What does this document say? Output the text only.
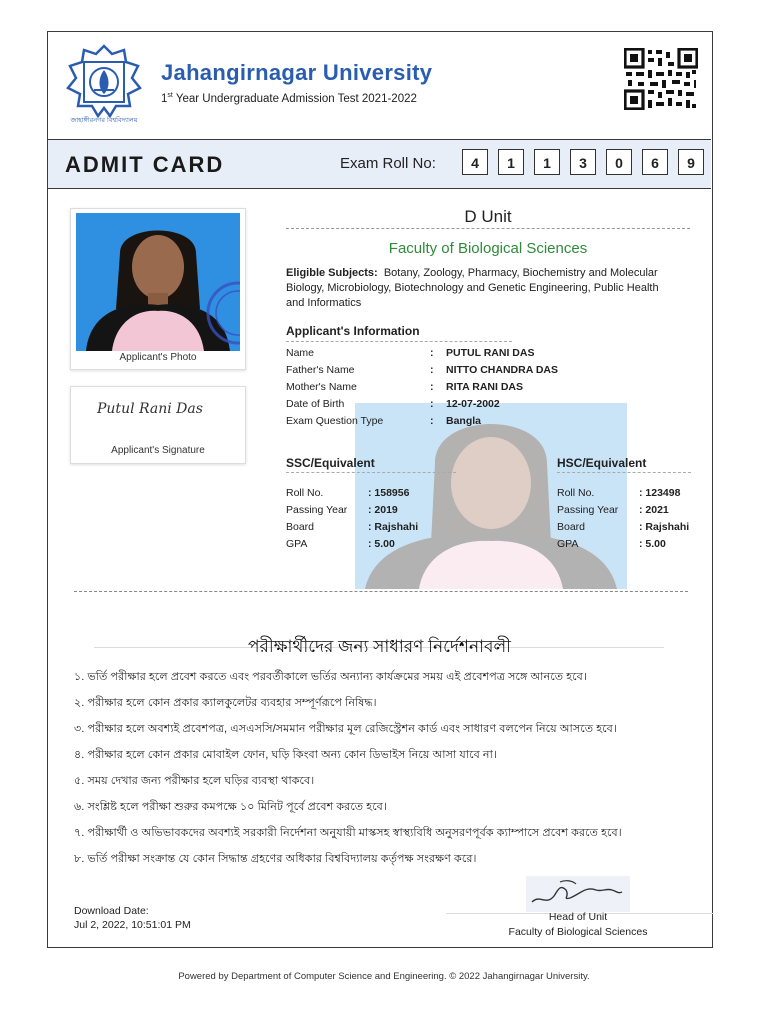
জাহাঙ্গীরনগর বিশ্ববিদ্যালয়
Jahangirnagar University
1st Year Undergraduate Admission Test 2021-2022
ADMIT CARD	Exam Roll No:	4	1	1	3	0	6	9
Applicant's Photo
Putul Rani Das
Applicant's Signature
D Unit
Faculty of Biological Sciences
Eligible Subjects: Botany, Zoology, Pharmacy, Biochemistry and Molecular Biology, Microbiology, Biotechnology and Genetic Engineering, Public Health and Informatics
Applicant's Information
Name	: PUTUL RANI DAS
Father's Name	: NITTO CHANDRA DAS
Mother's Name	: RITA RANI DAS
Date of Birth	: 12-07-2002
Exam Question Type	: Bangla
SSC/Equivalent
Roll No.	: 158956
Passing Year : 2019
Board	: Rajshahi
GPA	: 5.00
HSC/Equivalent
Roll No.	: 123498
Passing Year : 2021
Board	: Rajshahi
GPA	: 5.00
পরীক্ষার্থীদের জন্য সাধারণ নির্দেশনাবলী
১. ভর্তি পরীক্ষার হলে প্রবেশ করতে এবং পরবর্তীকালে ভর্তির অন্যান্য কার্যক্রমের সময় এই প্রবেশপত্র সঙ্গে আনতে হবে।
২. পরীক্ষার হলে কোন প্রকার ক্যালকুলেটর ব্যবহার সম্পূর্ণরূপে নিষিদ্ধ।
৩. পরীক্ষার হলে অবশ্যই প্রবেশপত্র, এসএসসি/সমমান পরীক্ষার মূল রেজিস্ট্রেশন কার্ড এবং সাধারণ বলপেন নিয়ে আসতে হবে।
৪. পরীক্ষার হলে কোন প্রকার মোবাইল ফোন, ঘড়ি কিংবা অন্য কোন ডিভাইস নিয়ে আসা যাবে না।
৫. সময় দেখার জন্য পরীক্ষার হলে ঘড়ির ব্যবস্থা থাকবে।
৬. সংশ্লিষ্ট হলে পরীক্ষা শুরুর কমপক্ষে ১০ মিনিট পূর্বে প্রবেশ করতে হবে।
৭. পরীক্ষার্থী ও অভিভাবকদের অবশ্যই সরকারী নির্দেশনা অনুযায়ী মাস্কসহ স্বাস্থ্যবিধি অনুসরণপূর্বক ক্যাম্পাসে প্রবেশ করতে হবে।
৮. ভর্তি পরীক্ষা সংক্রান্ত যে কোন সিদ্ধান্ত গ্রহণের অধিকার বিশ্ববিদ্যালয় কর্তৃপক্ষ সংরক্ষণ করে।
Download Date:
Jul 2, 2022, 10:51:01 PM
Head of Unit
Faculty of Biological Sciences
Powered by Department of Computer Science and Engineering. © 2022 Jahangirnagar University.
